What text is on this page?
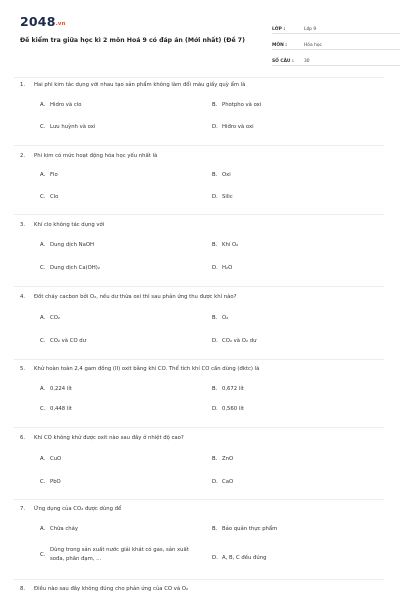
2048.vn
Đề kiểm tra giữa học kì 2 môn Hoá 9 có đáp án (Mới nhất) (Đề 7)
LỚP :	Lớp 9
MÔN :	Hóa học
SỐ CÂU :	30
1.	Hai phi kim tác dụng với nhau tạo sản phẩm không làm đổi màu giấy quỳ ẩm là
A. Hidro và clo	B. Photpho và oxi
C. Lưu huỳnh và oxi	D. Hiđro và oxi
2.	Phi kim có mức hoạt động hóa học yếu nhất là
A. Flo	B. Oxi
C. Clo	D. Silic
3.	Khí clo không tác dụng với
A. Dung dịch NaOH	B. Khí O₂
C. Dung dịch Ca(OH)₂	D. H₂O
4.	Đốt cháy cacbon bởi O₂, nếu dư thừa oxi thì sau phản ứng thu được khí nào?
A. CO₂	B. O₂
C. CO₂ và CO dư	D. CO₂ và O₂ dư
5.	Khử hoàn toàn 2,4 gam đồng (II) oxit bằng khí CO. Thể tích khí CO cần dùng (đktc) là
A. 0,224 lít	B. 0,672 lít
C. 0,448 lít	D. 0,560 lít
6.	Khí CO không khử được oxit nào sau đây ở nhiệt độ cao?
A. CuO	B. ZnO
C. PbO	D. CaO
7.	Ứng dụng của CO₂ được dùng để
A. Chữa cháy	B. Bảo quản thực phẩm
C.
Dùng trong sản xuất nước giải khát có gas, sản xuất sođa, phân đạm, ...	D. A, B, C đều đúng
8.	Điều nào sau đây không đúng cho phản ứng của CO và O₂
